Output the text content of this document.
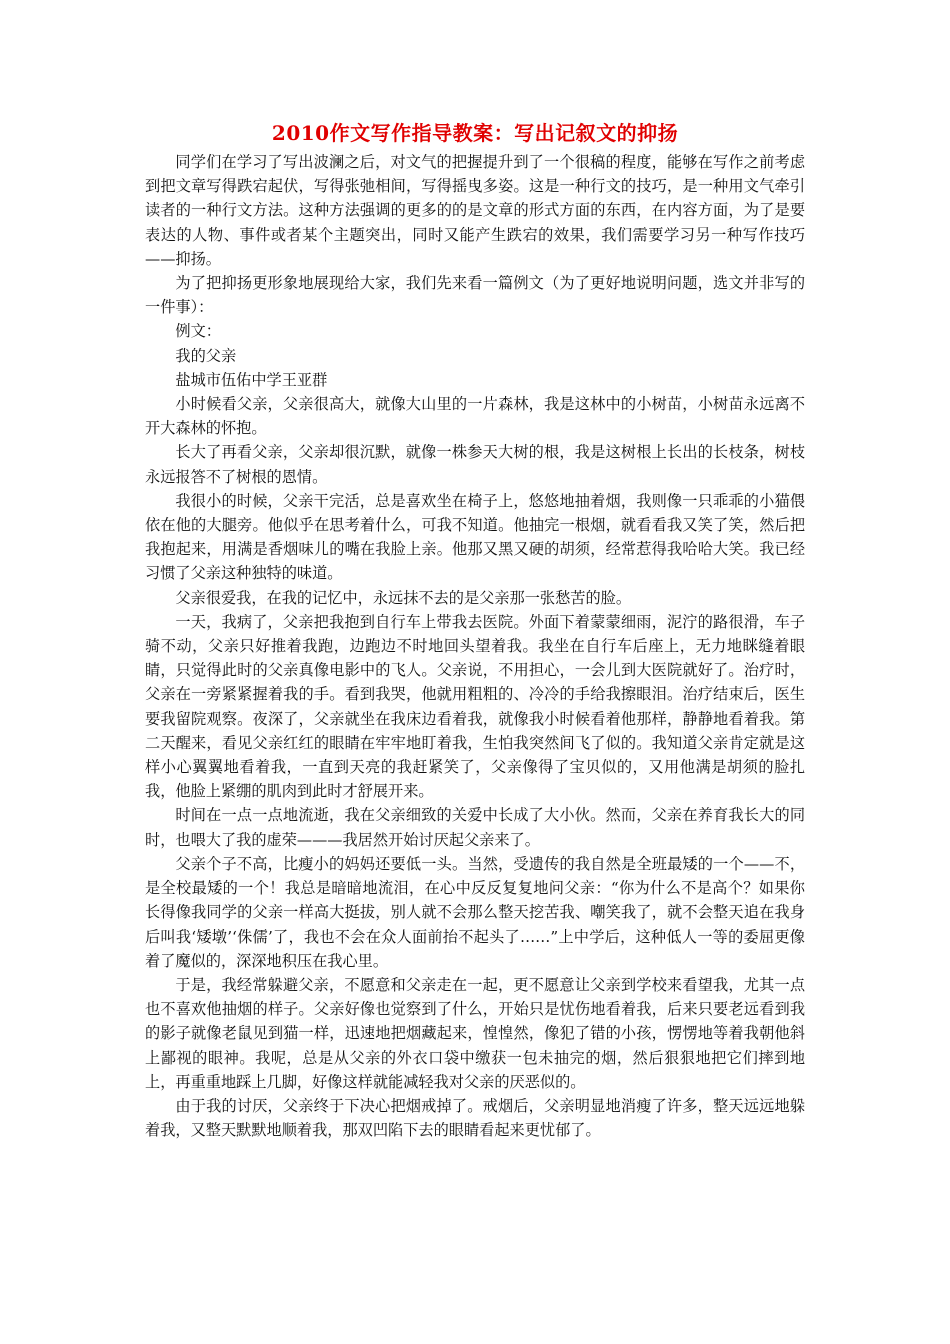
2010作文写作指导教案：写出记叙文的抑扬

同学们在学习了写出波澜之后，对文气的把握提升到了一个很稿的程度，能够在写作之前考虑到把文章写得跌宕起伏，写得张弛相间，写得摇曳多姿。这是一种行文的技巧，是一种用文气牵引读者的一种行文方法。这种方法强调的更多的的是文章的形式方面的东西，在内容方面，为了是要表达的人物、事件或者某个主题突出，同时又能产生跌宕的效果，我们需要学习另一种写作技巧——抑扬。

为了把抑扬更形象地展现给大家，我们先来看一篇例文（为了更好地说明问题，选文并非写的一件事）：

例文：

我的父亲

盐城市伍佑中学王亚群

小时候看父亲，父亲很高大，就像大山里的一片森林，我是这林中的小树苗，小树苗永远离不开大森林的怀抱。

长大了再看父亲，父亲却很沉默，就像一株参天大树的根，我是这树根上长出的长枝条，树枝永远报答不了树根的恩情。

我很小的时候，父亲干完活，总是喜欢坐在椅子上，悠悠地抽着烟，我则像一只乖乖的小猫偎依在他的大腿旁。他似乎在思考着什么，可我不知道。他抽完一根烟，就看看我又笑了笑，然后把我抱起来，用满是香烟味儿的嘴在我脸上亲。他那又黑又硬的胡须，经常惹得我哈哈大笑。我已经习惯了父亲这种独特的味道。

父亲很爱我，在我的记忆中，永远抹不去的是父亲那一张愁苦的脸。

一天，我病了，父亲把我抱到自行车上带我去医院。外面下着蒙蒙细雨，泥泞的路很滑，车子骑不动，父亲只好推着我跑，边跑边不时地回头望着我。我坐在自行车后座上，无力地眯缝着眼睛，只觉得此时的父亲真像电影中的飞人。父亲说，不用担心，一会儿到大医院就好了。治疗时，父亲在一旁紧紧握着我的手。看到我哭，他就用粗粗的、冷冷的手给我擦眼泪。治疗结束后，医生要我留院观察。夜深了，父亲就坐在我床边看着我，就像我小时候看着他那样，静静地看着我。第二天醒来，看见父亲红红的眼睛在牢牢地盯着我，生怕我突然间飞了似的。我知道父亲肯定就是这样小心翼翼地看着我，一直到天亮的我赶紧笑了，父亲像得了宝贝似的，又用他满是胡须的脸扎我，他脸上紧绷的肌肉到此时才舒展开来。

时间在一点一点地流逝，我在父亲细致的关爱中长成了大小伙。然而，父亲在养育我长大的同时，也喂大了我的虚荣———我居然开始讨厌起父亲来了。

父亲个子不高，比瘦小的妈妈还要低一头。当然，受遗传的我自然是全班最矮的一个——不，是全校最矮的一个！我总是暗暗地流泪，在心中反反复复地问父亲：“你为什么不是高个？如果你长得像我同学的父亲一样高大挺拔，别人就不会那么整天挖苦我、嘲笑我了，就不会整天追在我身后叫我‘矮墩’‘侏儒’了，我也不会在众人面前抬不起头了……”上中学后，这种低人一等的委屈更像着了魔似的，深深地积压在我心里。

于是，我经常躲避父亲，不愿意和父亲走在一起，更不愿意让父亲到学校来看望我，尤其一点也不喜欢他抽烟的样子。父亲好像也觉察到了什么，开始只是忧伤地看着我，后来只要老远看到我的影子就像老鼠见到猫一样，迅速地把烟藏起来，惶惶然，像犯了错的小孩，愣愣地等着我朝他斜上鄙视的眼神。我呢，总是从父亲的外衣口袋中缴获一包未抽完的烟，然后狠狠地把它们摔到地上，再重重地踩上几脚，好像这样就能减轻我对父亲的厌恶似的。

由于我的讨厌，父亲终于下决心把烟戒掉了。戒烟后，父亲明显地消瘦了许多，整天远远地躲着我，又整天默默地顺着我，那双凹陷下去的眼睛看起来更忧郁了。
